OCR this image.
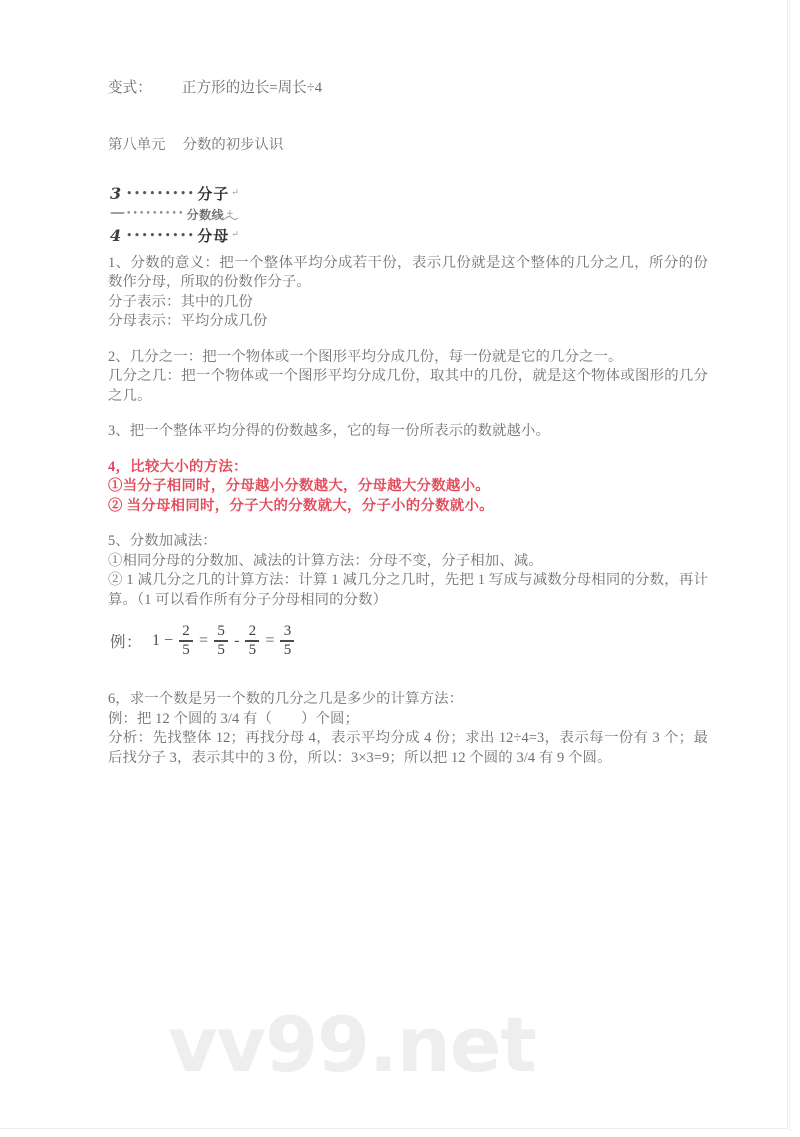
变式： 正方形的边长=周长÷4

第八单元 分数的初步认识

3 ••••••••• 分子 ↵
— ••••••••• 分数线 +
4 ••••••••• 分母 ↵

1、分数的意义：把一个整体平均分成若干份，表示几份就是这个整体的几分之几，所分的份数作分母，所取的份数作分子。

分子表示：其中的几份

分母表示：平均分成几份

2、几分之一：把一个物体或一个图形平均分成几份，每一份就是它的几分之一。

几分之几：把一个物体或一个图形平均分成几份，取其中的几份，就是这个物体或图形的几分之几。

3、把一个整体平均分得的份数越多，它的每一份所表示的数就越小。

4，比较大小的方法：

①当分子相同时，分母越小分数越大，分母越大分数越小。

② 当分母相同时，分子大的分数就大，分子小的分数就小。

5、分数加减法：

①相同分母的分数加、减法的计算方法：分母不变，分子相加、减。

② 1 减几分之几的计算方法：计算 1 减几分之几时，先把 1 写成与减数分母相同的分数，再计算。（1 可以看作所有分子分母相同的分数）

例： $1 - \frac{2}{5} = \frac{5}{5} - \frac{2}{5} = \frac{3}{5}$

6，求一个数是另一个数的几分之几是多少的计算方法：

例：把 12 个圆的 3/4 有（　　）个圆；

分析：先找整体 12；再找分母 4，表示平均分成 4 份；求出 12÷4=3，表示每一份有 3 个；最后找分子 3，表示其中的 3 份，所以：3×3=9；所以把 12 个圆的 3/4 有 9 个圆。

vv99.net
